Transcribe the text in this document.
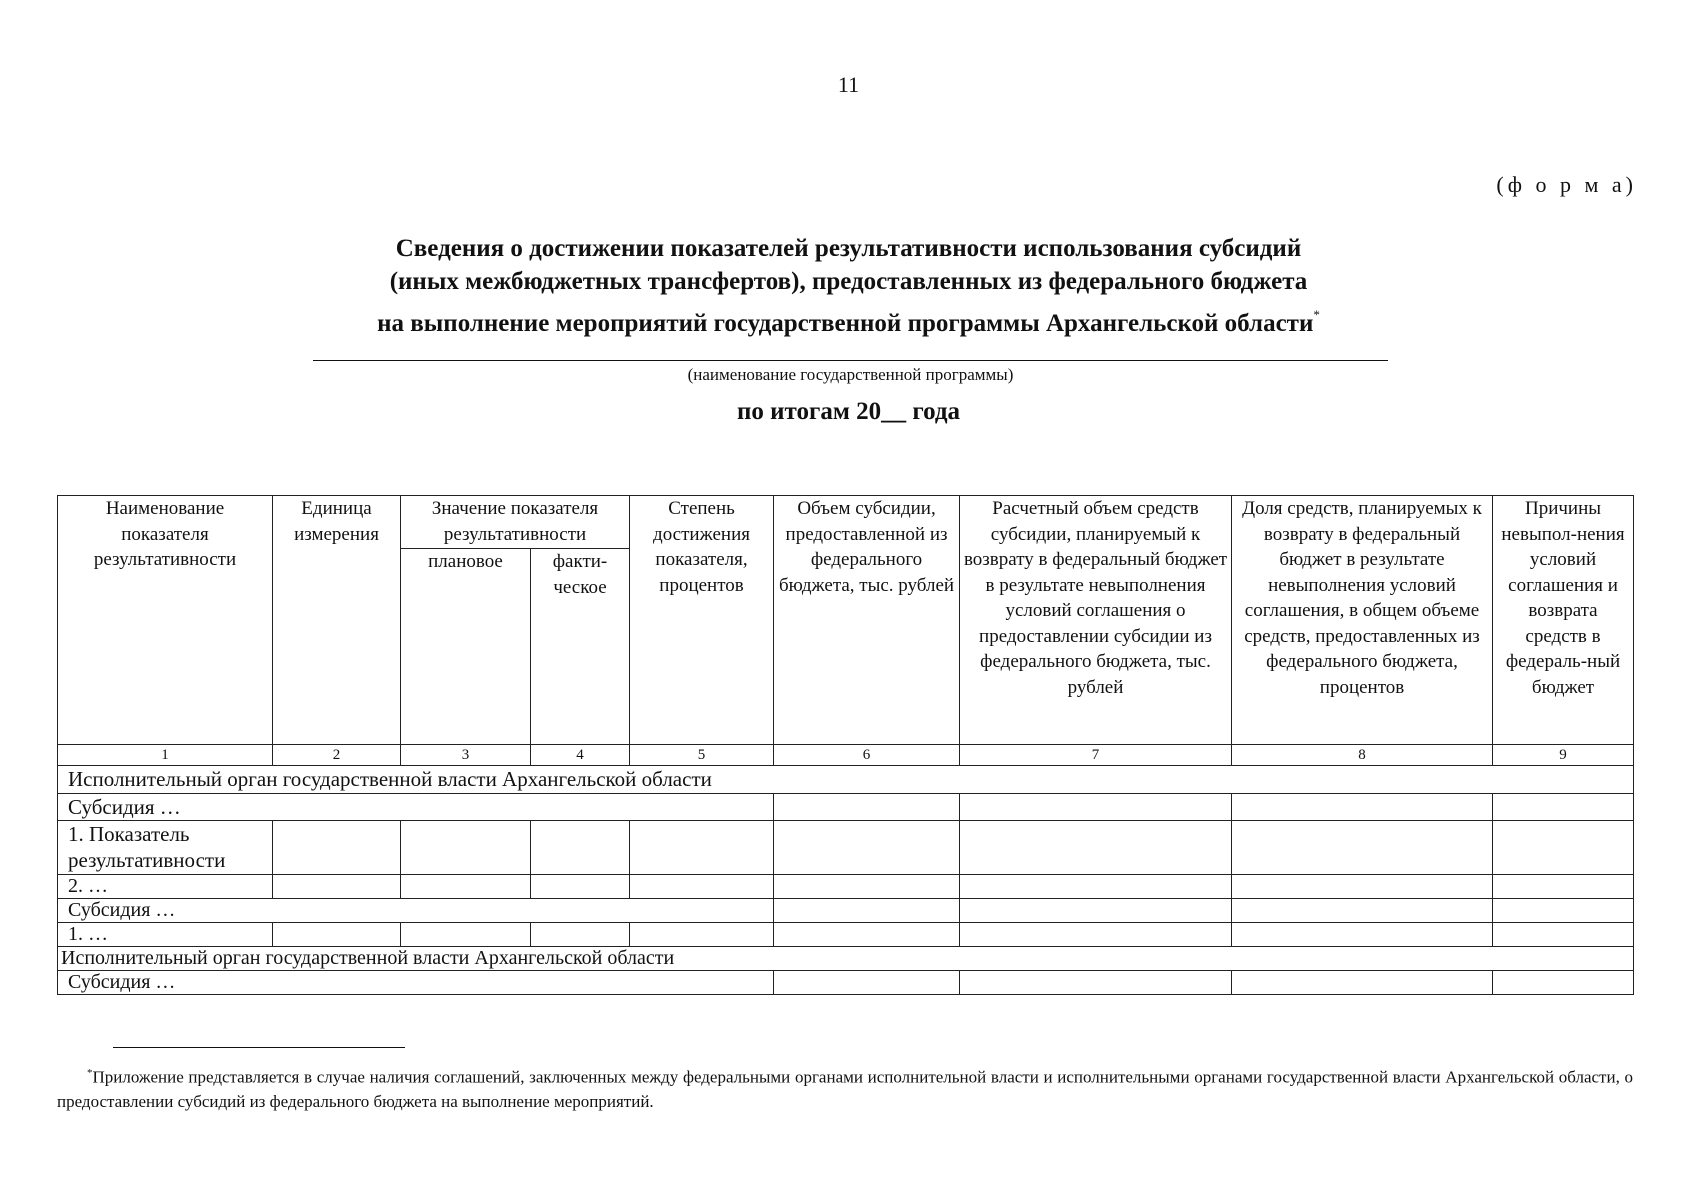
11
(ф о р м а)
Сведения о достижении показателей результативности использования субсидий
(иных межбюджетных трансфертов), предоставленных из федерального бюджета
на выполнение мероприятий государственной программы Архангельской области*
(наименование государственной программы)
по итогам 20__ года
Наименование показателя результативности	Единица измерения	Значение показателя результативности		Степень достижения показателя, процентов	Объем субсидии, предоставленной из федерального бюджета, тыс. рублей	Расчетный объем средств субсидии, планируемый к возврату в федеральный бюджет в результате невыполнения условий соглашения о предоставлении субсидии из федерального бюджета, тыс. рублей	Доля средств, планируемых к возврату в федеральный бюджет в результате невыполнения условий соглашения, в общем объеме средств, предоставленных из федерального бюджета, процентов	Причины невыпол-нения условий соглашения и возврата средств в федераль-ный бюджет
		плановое	факти-ческое					
1	2	3	4	5	6	7	8	9
Исполнительный орган государственной власти Архангельской области								
Субсидия …								
1. Показатель результативности								
2. …								
Субсидия …								
1. …								
Исполнительный орган государственной власти Архангельской области								
Субсидия …								
*Приложение представляется в случае наличия соглашений, заключенных между федеральными органами исполнительной власти и исполнительными органами государственной власти Архангельской области, о предоставлении субсидий из федерального бюджета на выполнение мероприятий.
